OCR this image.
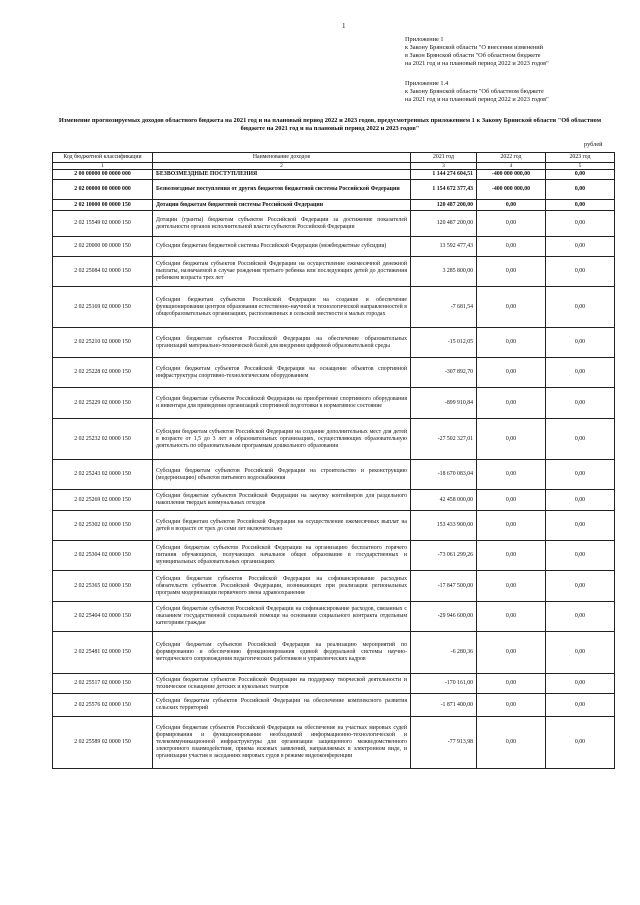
1
Приложение 1
к Закону Брянской области "О внесении изменений
в Закон Брянской области "Об областном бюджете
на 2021 год и на плановый период 2022 и 2023 годов"
Приложение 1.4
к Закону Брянской области "Об областном бюджете
на 2021 год и на плановый период 2022 и 2023 годов"
Изменение прогнозируемых доходов областного бюджета на 2021 год и на плановый период 2022 и 2023 годов, предусмотренных приложением 1 к Закону Брянской области "Об областном бюджете на 2021 год и на плановый период 2022 и 2023 годов"
рублей
Код бюджетной классификации	Наименование доходов	2021 год	2022 год	2023 год
1	2	3	4	5
2 00 00000 00 0000 000	БЕЗВОЗМЕЗДНЫЕ ПОСТУПЛЕНИЯ	1 144 274 604,51	-400 000 000,00	0,00
2 02 00000 00 0000 000	Безвозмездные поступления от других бюджетов бюджетной системы Российской Федерации	1 154 672 377,43	-400 000 000,00	0,00
2 02 10000 00 0000 150	Дотации бюджетам бюджетной системы Российской Федерации	120 487 200,00	0,00	0,00
2 02 15549 02 0000 150	Дотации (гранты) бюджетам субъектов Российской Федерации за достижение показателей деятельности органов исполнительной власти субъектов Российской Федерации	120 487 200,00	0,00	0,00
2 02 20000 00 0000 150	Субсидии бюджетам бюджетной системы Российской Федерации (межбюджетные субсидии)	13 592 477,43	0,00	0,00
2 02 25084 02 0000 150	Субсидии бюджетам субъектов Российской Федерации на осуществление ежемесячной денежной выплаты, назначаемой в случае рождения третьего ребенка или последующих детей до достижения ребенком возраста трех лет	3 285 800,00	0,00	0,00
2 02 25169 02 0000 150	Субсидии бюджетам субъектов Российской Федерации на создание и обеспечение функционирования центров образования естественно-научной и технологической направленностей в общеобразовательных организациях, расположенных в сельской местности и малых городах	-7 681,54	0,00	0,00
2 02 25210 02 0000 150	Субсидии бюджетам субъектов Российской Федерации на обеспечение образовательных организаций материально-технической базой для внедрения цифровой образовательной среды	-15 012,05	0,00	0,00
2 02 25228 02 0000 150	Субсидии бюджетам субъектов Российской Федерации на оснащение объектов спортивной инфраструктуры спортивно-технологическим оборудованием	-307 892,70	0,00	0,00
2 02 25229 02 0000 150	Субсидии бюджетам субъектов Российской Федерации на приобретение спортивного оборудования и инвентаря для приведения организаций спортивной подготовки в нормативное состояние	-899 910,84	0,00	0,00
2 02 25232 02 0000 150	Субсидии бюджетам субъектов Российской Федерации на создание дополнительных мест для детей в возрасте от 1,5 до 3 лет в образовательных организациях, осуществляющих образовательную деятельность по образовательным программам дошкольного образования	-27 502 327,01	0,00	0,00
2 02 25243 02 0000 150	Субсидии бюджетам субъектов Российской Федерации на строительство и реконструкцию (модернизацию) объектов питьевого водоснабжения	-18 670 083,04	0,00	0,00
2 02 25269 02 0000 150	Субсидии бюджетам субъектов Российской Федерации на закупку контейнеров для раздельного накопления твердых коммунальных отходов	42 458 000,00	0,00	0,00
2 02 25302 02 0000 150	Субсидии бюджетам субъектов Российской Федерации на осуществление ежемесячных выплат на детей в возрасте от трех до семи лет включительно	153 433 900,00	0,00	0,00
2 02 25304 02 0000 150	Субсидии бюджетам субъектов Российской Федерации на организацию бесплатного горячего питания обучающихся, получающих начальное общее образование в государственных и муниципальных образовательных организациях	-73 061 299,26	0,00	0,00
2 02 25365 02 0000 150	Субсидии бюджетам субъектов Российской Федерации на софинансирование расходных обязательств субъектов Российской Федерации, возникающих при реализации региональных программ модернизации первичного звена здравоохранения	-17 847 500,00	0,00	0,00
2 02 25404 02 0000 150	Субсидии бюджетам субъектов Российской Федерации на софинансирование расходов, связанных с оказанием государственной социальной помощи на основании социального контракта отдельным категориям граждан	-29 946 600,00	0,00	0,00
2 02 25481 02 0000 150	Субсидии бюджетам субъектов Российской Федерации на реализацию мероприятий по формированию и обеспечению функционирования единой федеральной системы научно-методического сопровождения педагогических работников и управленческих кадров	-6 280,36	0,00	0,00
2 02 25517 02 0000 150	Субсидии бюджетам субъектов Российской Федерации на поддержку творческой деятельности и техническое оснащение детских и кукольных театров	-170 161,00	0,00	0,00
2 02 25576 02 0000 150	Субсидии бюджетам субъектов Российской Федерации на обеспечение комплексного развития сельских территорий	-1 871 400,00	0,00	0,00
2 02 25589 02 0000 150	Субсидии бюджетам субъектов Российской Федерации на обеспечение на участках мировых судей формирования и функционирования необходимой информационно-технологической и телекоммуникационной инфраструктуры для организации защищенного межведомственного электронного взаимодействия, приема исковых заявлений, направляемых в электронном виде, и организации участия в заседаниях мировых судов в режиме видеоконференции	-77 913,98	0,00	0,00
